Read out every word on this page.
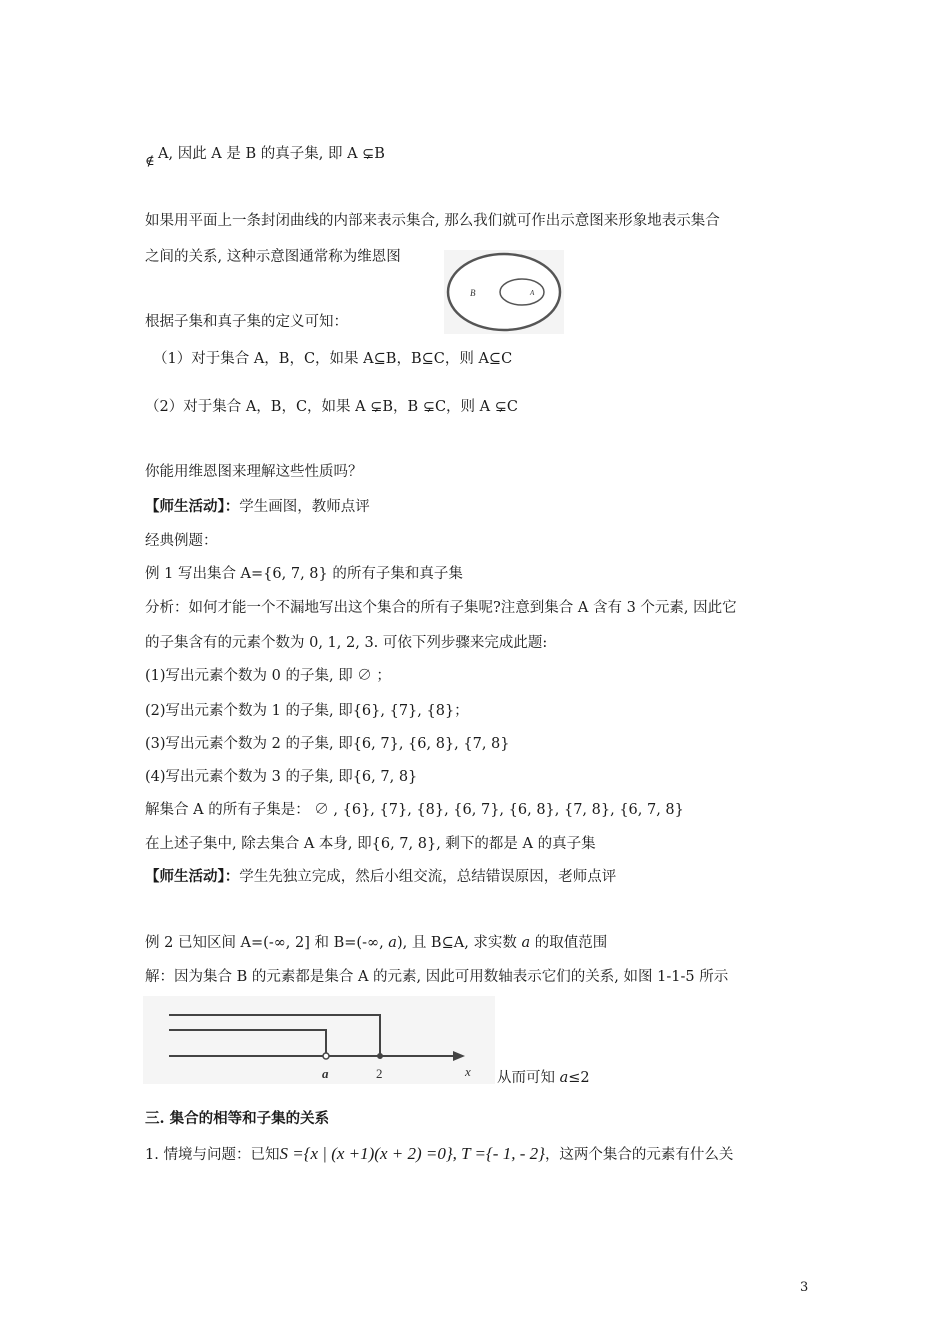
∉ A, 因此 A 是 B 的真子集, 即 A ⊊B
如果用平面上一条封闭曲线的内部来表示集合, 那么我们就可作出示意图来形象地表示集合
之间的关系, 这种示意图通常称为维恩图
B	A
根据子集和真子集的定义可知：
（1）对于集合 A，B，C，如果 A⊆B，B⊆C，则 A⊆C
（2）对于集合 A，B，C，如果 A ⊊B，B ⊊C，则 A ⊊C
你能用维恩图来理解这些性质吗？
【师生活动】：学生画图，教师点评
经典例题：
例 1 写出集合 A={6, 7, 8} 的所有子集和真子集
分析：如何才能一个不漏地写出这个集合的所有子集呢?注意到集合 A 含有 3 个元素, 因此它
的子集含有的元素个数为 0, 1, 2, 3. 可依下列步骤来完成此题:
(1)写出元素个数为 0 的子集, 即 ∅ ；
(2)写出元素个数为 1 的子集, 即{6}, {7}, {8}；
(3)写出元素个数为 2 的子集, 即{6, 7}, {6, 8}, {7, 8}
(4)写出元素个数为 3 的子集, 即{6, 7, 8}
解集合 A 的所有子集是： ∅ , {6}, {7}, {8}, {6, 7}, {6, 8}, {7, 8}, {6, 7, 8}
在上述子集中, 除去集合 A 本身, 即{6, 7, 8}, 剩下的都是 A 的真子集
【师生活动】：学生先独立完成，然后小组交流，总结错误原因，老师点评
例 2 已知区间 A=(-∞, 2] 和 B=(-∞, a), 且 B⊆A, 求实数 a 的取值范围
解：因为集合 B 的元素都是集合 A 的元素, 因此可用数轴表示它们的关系, 如图 1-1-5 所示
a	2	x 从而可知 a≤2
三. 集合的相等和子集的关系
1. 情境与问题：已知S ={x | (x +1)(x + 2) =0}, T ={- 1, - 2}，这两个集合的元素有什么关
3
